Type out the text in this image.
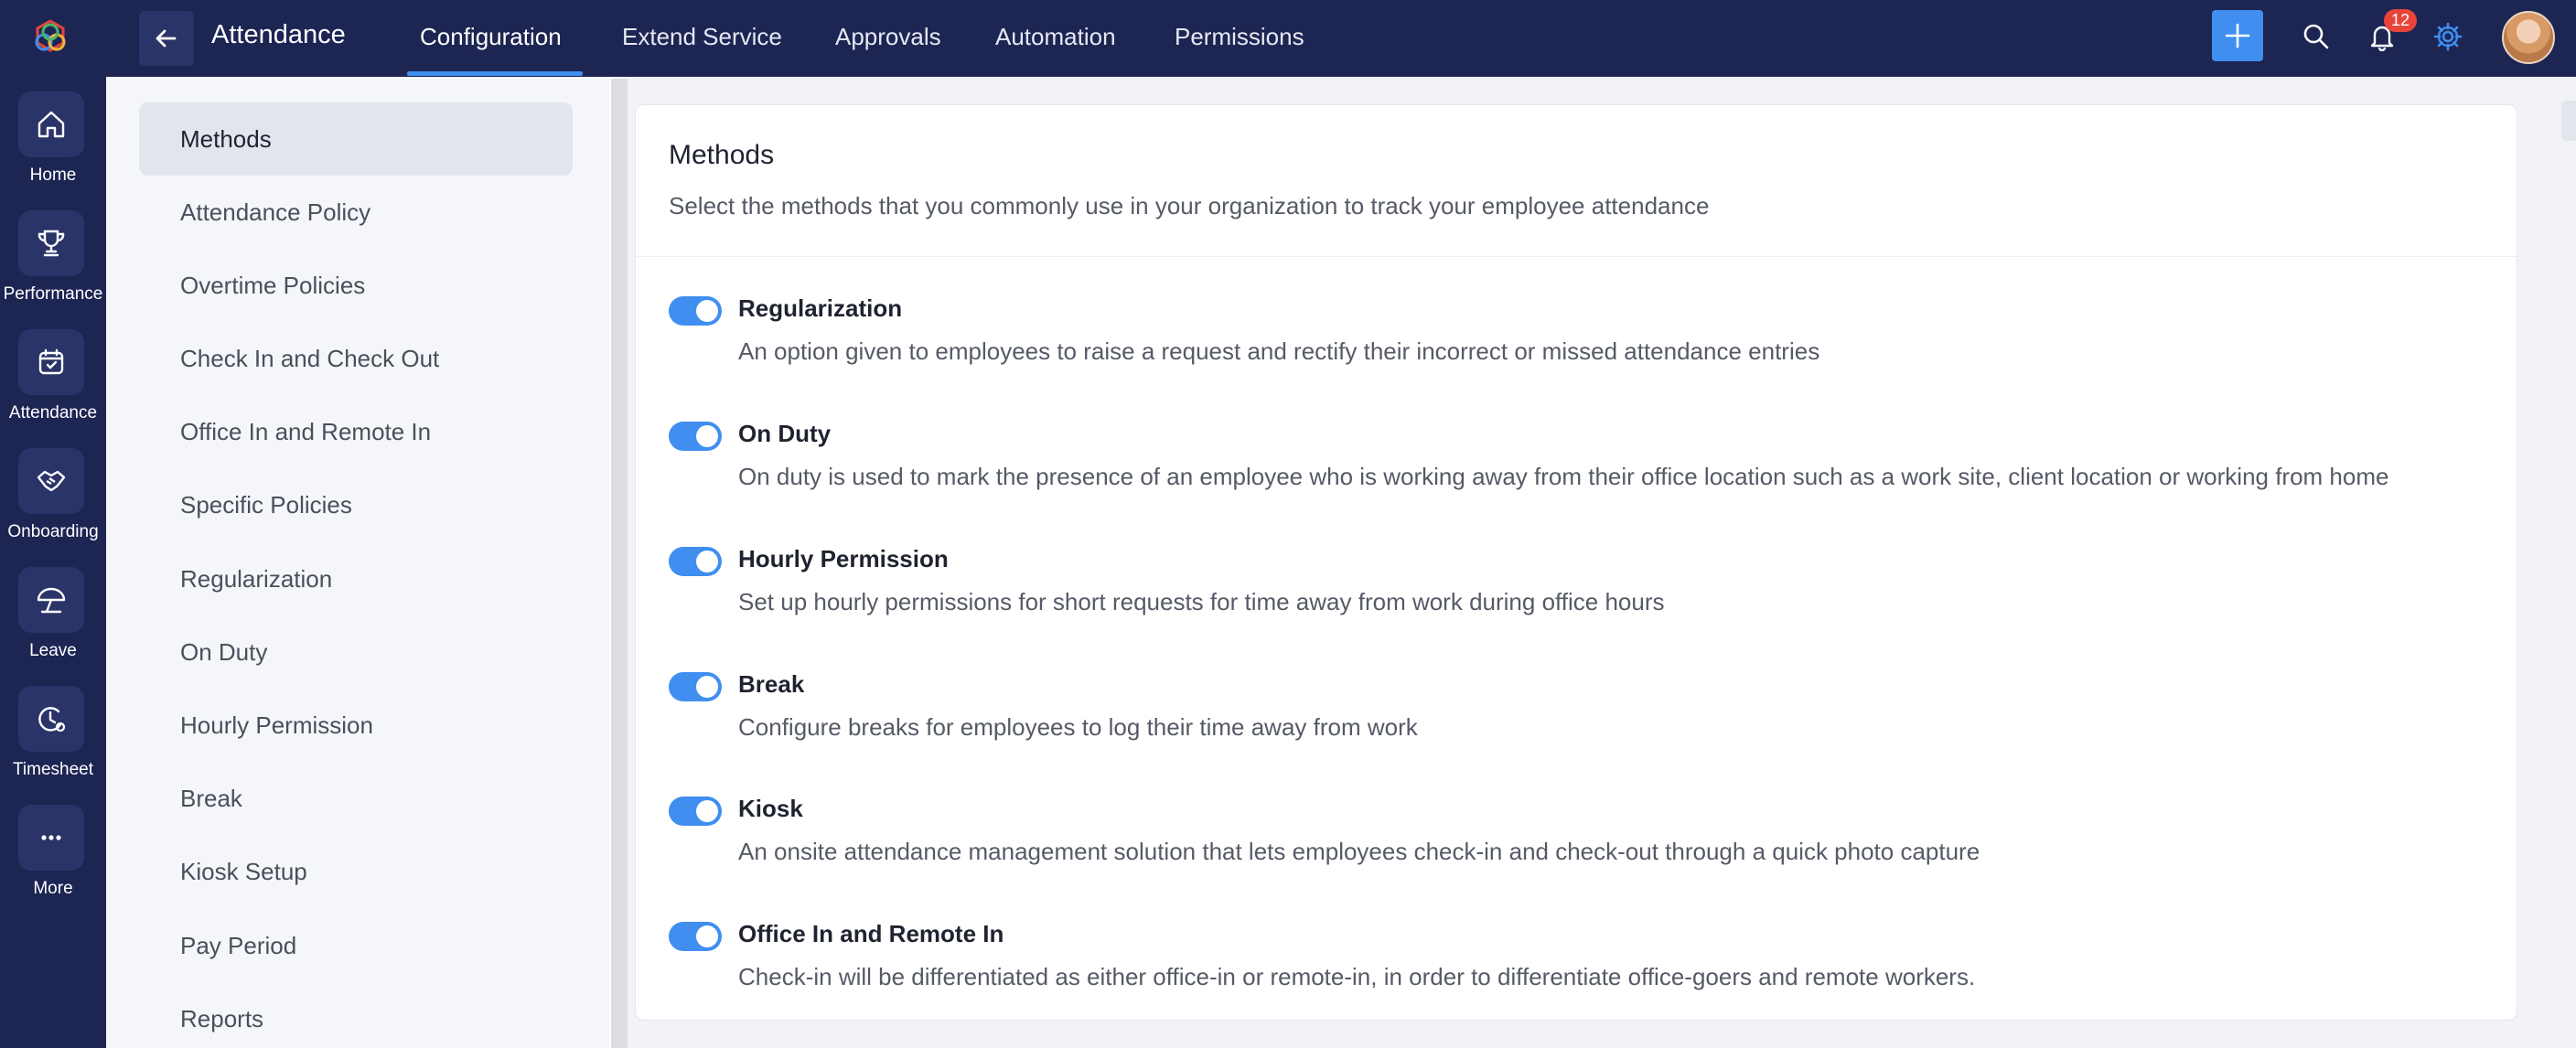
Home
Performance
Attendance
Onboarding
Leave
Timesheet
More
Attendance	Configuration	Extend Service Approvals Automation Permissions
12
Methods
Attendance Policy
Overtime Policies
Check In and Check Out
Office In and Remote In
Specific Policies
Regularization
On Duty
Hourly Permission
Break
Kiosk Setup
Pay Period
Reports
Methods
Select the methods that you commonly use in your organization to track your employee attendance
Regularization
An option given to employees to raise a request and rectify their incorrect or missed attendance entries
On Duty
On duty is used to mark the presence of an employee who is working away from their office location such as a work site, client location or working from home
Hourly Permission
Set up hourly permissions for short requests for time away from work during office hours
Break
Configure breaks for employees to log their time away from work
Kiosk
An onsite attendance management solution that lets employees check-in and check-out through a quick photo capture
Office In and Remote In
Check-in will be differentiated as either office-in or remote-in, in order to differentiate office-goers and remote workers.
